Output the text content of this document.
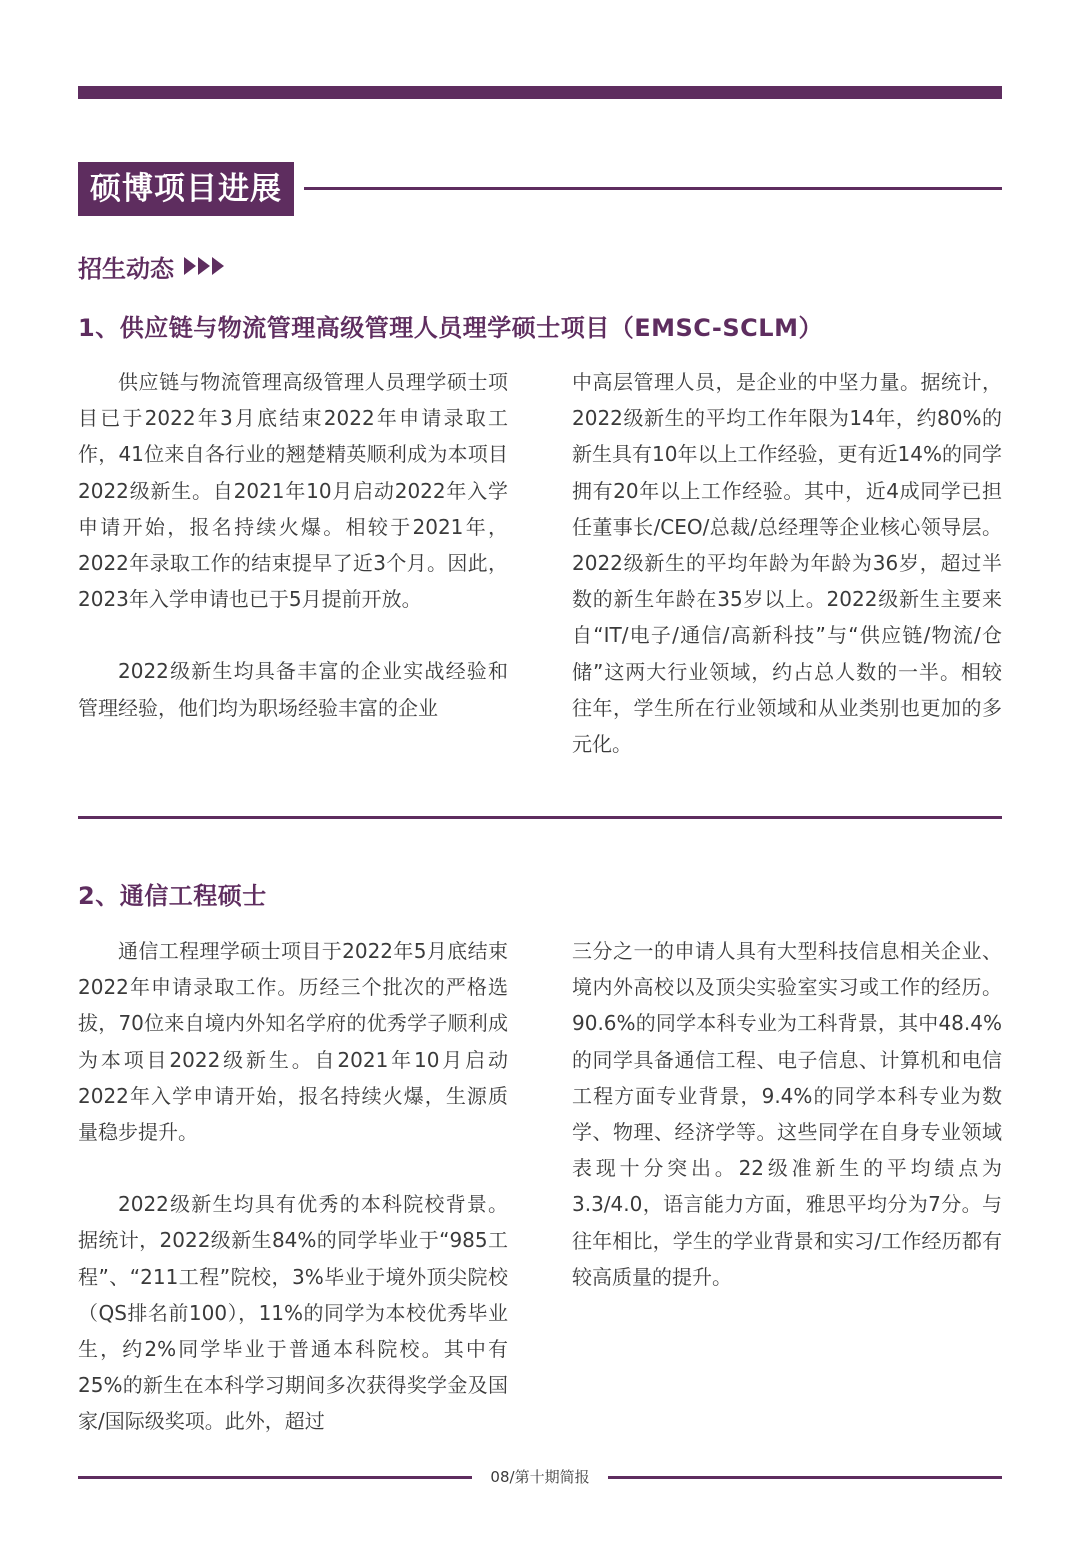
硕博项目进展
招生动态
1、供应链与物流管理高级管理人员理学硕士项目（EMSC-SCLM）

供应链与物流管理高级管理人员理学硕士项目已于2022年3月底结束2022年申请录取工作，41位来自各行业的翘楚精英顺利成为本项目2022级新生。自2021年10月启动2022年入学申请开始，报名持续火爆。相较于2021年，2022年录取工作的结束提早了近3个月。因此，2023年入学申请也已于5月提前开放。

2022级新生均具备丰富的企业实战经验和管理经验，他们均为职场经验丰富的企业

中高层管理人员，是企业的中坚力量。据统计，2022级新生的平均工作年限为14年，约80%的新生具有10年以上工作经验，更有近14%的同学拥有20年以上工作经验。其中，近4成同学已担任董事长/CEO/总裁/总经理等企业核心领导层。2022级新生的平均年龄为年龄为36岁，超过半数的新生年龄在35岁以上。2022级新生主要来自“IT/电子/通信/高新科技”与“供应链/物流/仓储”这两大行业领域，约占总人数的一半。相较往年，学生所在行业领域和从业类别也更加的多元化。

2、通信工程硕士

通信工程理学硕士项目于2022年5月底结束2022年申请录取工作。历经三个批次的严格选拔，70位来自境内外知名学府的优秀学子顺利成为本项目2022级新生。自2021年10月启动2022年入学申请开始，报名持续火爆，生源质量稳步提升。

2022级新生均具有优秀的本科院校背景。据统计，2022级新生84%的同学毕业于“985工程”、“211工程”院校，3%毕业于境外顶尖院校（QS排名前100），11%的同学为本校优秀毕业生，约2%同学毕业于普通本科院校。其中有25%的新生在本科学习期间多次获得奖学金及国家/国际级奖项。此外，超过

三分之一的申请人具有大型科技信息相关企业、境内外高校以及顶尖实验室实习或工作的经历。90.6%的同学本科专业为工科背景，其中48.4%的同学具备通信工程、电子信息、计算机和电信工程方面专业背景，9.4%的同学本科专业为数学、物理、经济学等。这些同学在自身专业领域表现十分突出。22级准新生的平均绩点为3.3/4.0，语言能力方面，雅思平均分为7分。与往年相比，学生的学业背景和实习/工作经历都有较高质量的提升。

08/第十期简报
